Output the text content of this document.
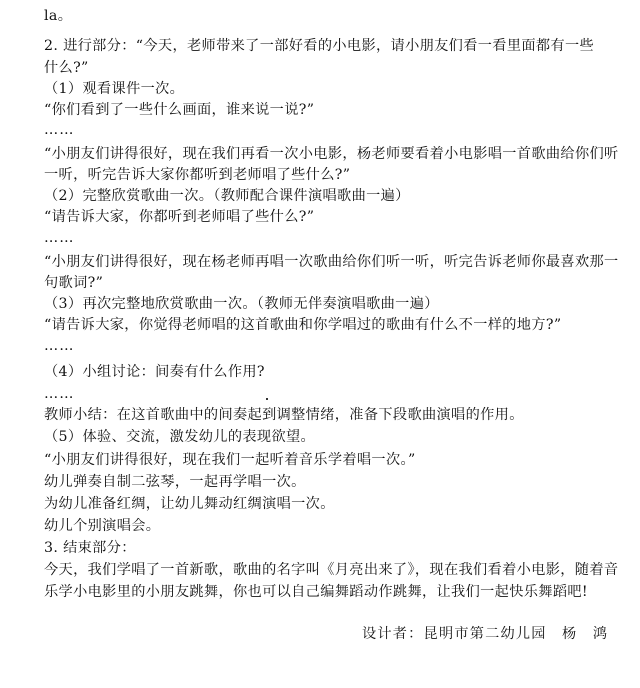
la。
2. 进行部分：“今天，老师带来了一部好看的小电影，请小朋友们看一看里面都有一些
什么?”
（1）观看课件一次。
“你们看到了一些什么画面，谁来说一说?”
……
“小朋友们讲得很好，现在我们再看一次小电影，杨老师要看着小电影唱一首歌曲给你们听
一听，听完告诉大家你都听到老师唱了些什么?”
（2）完整欣赏歌曲一次。（教师配合课件演唱歌曲一遍）
“请告诉大家，你都听到老师唱了些什么?”
……
“小朋友们讲得很好，现在杨老师再唱一次歌曲给你们听一听，听完告诉老师你最喜欢那一
句歌词?”
（3）再次完整地欣赏歌曲一次。（教师无伴奏演唱歌曲一遍）
“请告诉大家，你觉得老师唱的这首歌曲和你学唱过的歌曲有什么不一样的地方?”
……
（4）小组讨论：间奏有什么作用?
……
教师小结：在这首歌曲中的间奏起到调整情绪，准备下段歌曲演唱的作用。
（5）体验、交流，激发幼儿的表现欲望。
“小朋友们讲得很好，现在我们一起听着音乐学着唱一次。”
幼儿弹奏自制二弦琴，一起再学唱一次。
为幼儿准备红绸，让幼儿舞动红绸演唱一次。
幼儿个别演唱会。
3. 结束部分：
今天，我们学唱了一首新歌，歌曲的名字叫《月亮出来了》，现在我们看着小电影，随着音
乐学小电影里的小朋友跳舞，你也可以自己编舞蹈动作跳舞，让我们一起快乐舞蹈吧!
设计者：昆明市第二幼儿园　杨　鸿
